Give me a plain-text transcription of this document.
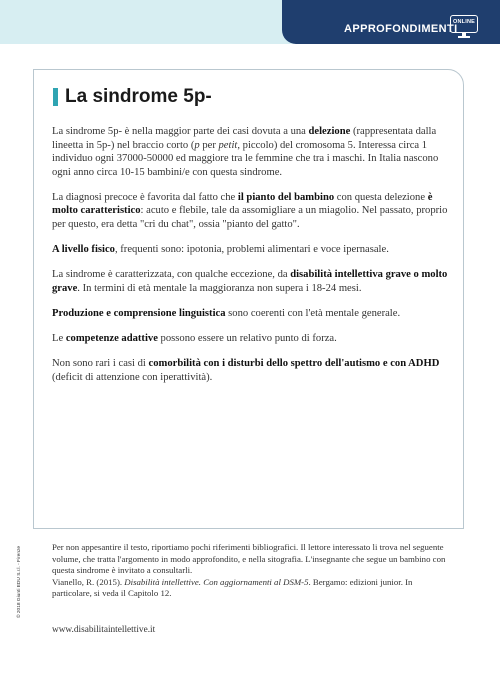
APPROFONDIMENTI
ONLINE
La sindrome 5p-

La sindrome 5p- è nella maggior parte dei casi dovuta a una delezione (rappresentata dalla lineetta in 5p-) nel braccio corto (p per petit, piccolo) del cromosoma 5. Interessa circa 1 individuo ogni 37000-50000 ed maggiore tra le femmine che tra i maschi. In Italia nascono ogni anno circa 10-15 bambini/e con questa sindrome.

La diagnosi precoce è favorita dal fatto che il pianto del bambino con questa delezione è molto caratteristico: acuto e flebile, tale da assomigliare a un miagolio. Nel passato, proprio per questo, era detta "cri du chat", ossia "pianto del gatto".

A livello fisico, frequenti sono: ipotonia, problemi alimentari e voce ipernasale.

La sindrome è caratterizzata, con qualche eccezione, da disabilità intellettiva grave o molto grave. In termini di età mentale la maggioranza non supera i 18-24 mesi.

Produzione e comprensione linguistica sono coerenti con l'età mentale generale.

Le competenze adattive possono essere un relativo punto di forza.

Non sono rari i casi di comorbilità con i disturbi dello spettro dell'autismo e con ADHD (deficit di attenzione con iperattività).

Per non appesantire il testo, riportiamo pochi riferimenti bibliografici. Il lettore interessato li trova nel seguente volume, che tratta l'argomento in modo approfondito, e nella sitografia. L'insegnante che segue un bambino con questa sindrome è invitato a consultarli.

Vianello, R. (2015). Disabilità intellettive. Con aggiornamenti al DSM-5. Bergamo: edizioni junior. In particolare, si veda il Capitolo 12.

www.disabilitaintellettive.it
© 2018 Giunti EDU S.r.l. - Firenze
